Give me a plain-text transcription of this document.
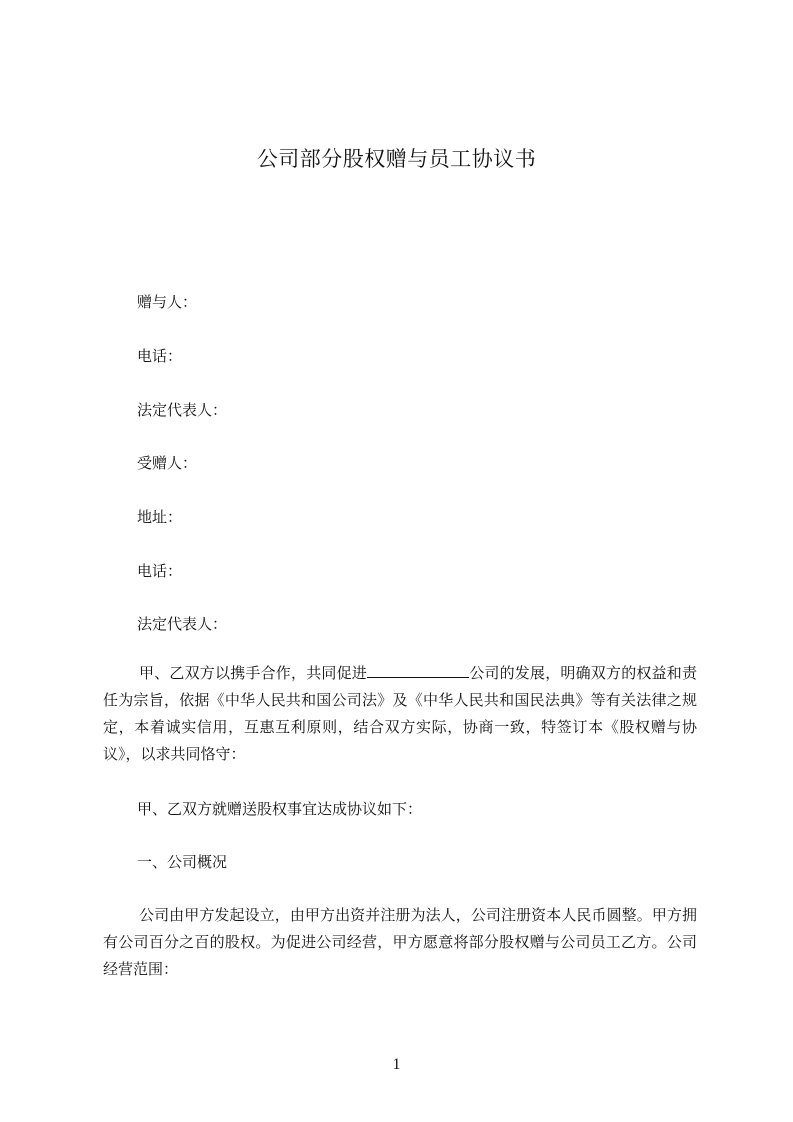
公司部分股权赠与员工协议书

赠与人：

电话：

法定代表人：

受赠人：

地址：

电话：

法定代表人：

甲、乙双方以携手合作，共同促进	公司的发展，明确双方的权益和责任为宗旨，依据《中华人民共和国公司法》及《中华人民共和国民法典》等有关法律之规定，本着诚实信用，互惠互利原则，结合双方实际，协商一致，特签订本《股权赠与协议》，以求共同恪守：

甲、乙双方就赠送股权事宜达成协议如下：

一、公司概况

公司由甲方发起设立，由甲方出资并注册为法人，公司注册资本人民币圆整。甲方拥有公司百分之百的股权。为促进公司经营，甲方愿意将部分股权赠与公司员工乙方。公司经营范围：

1
